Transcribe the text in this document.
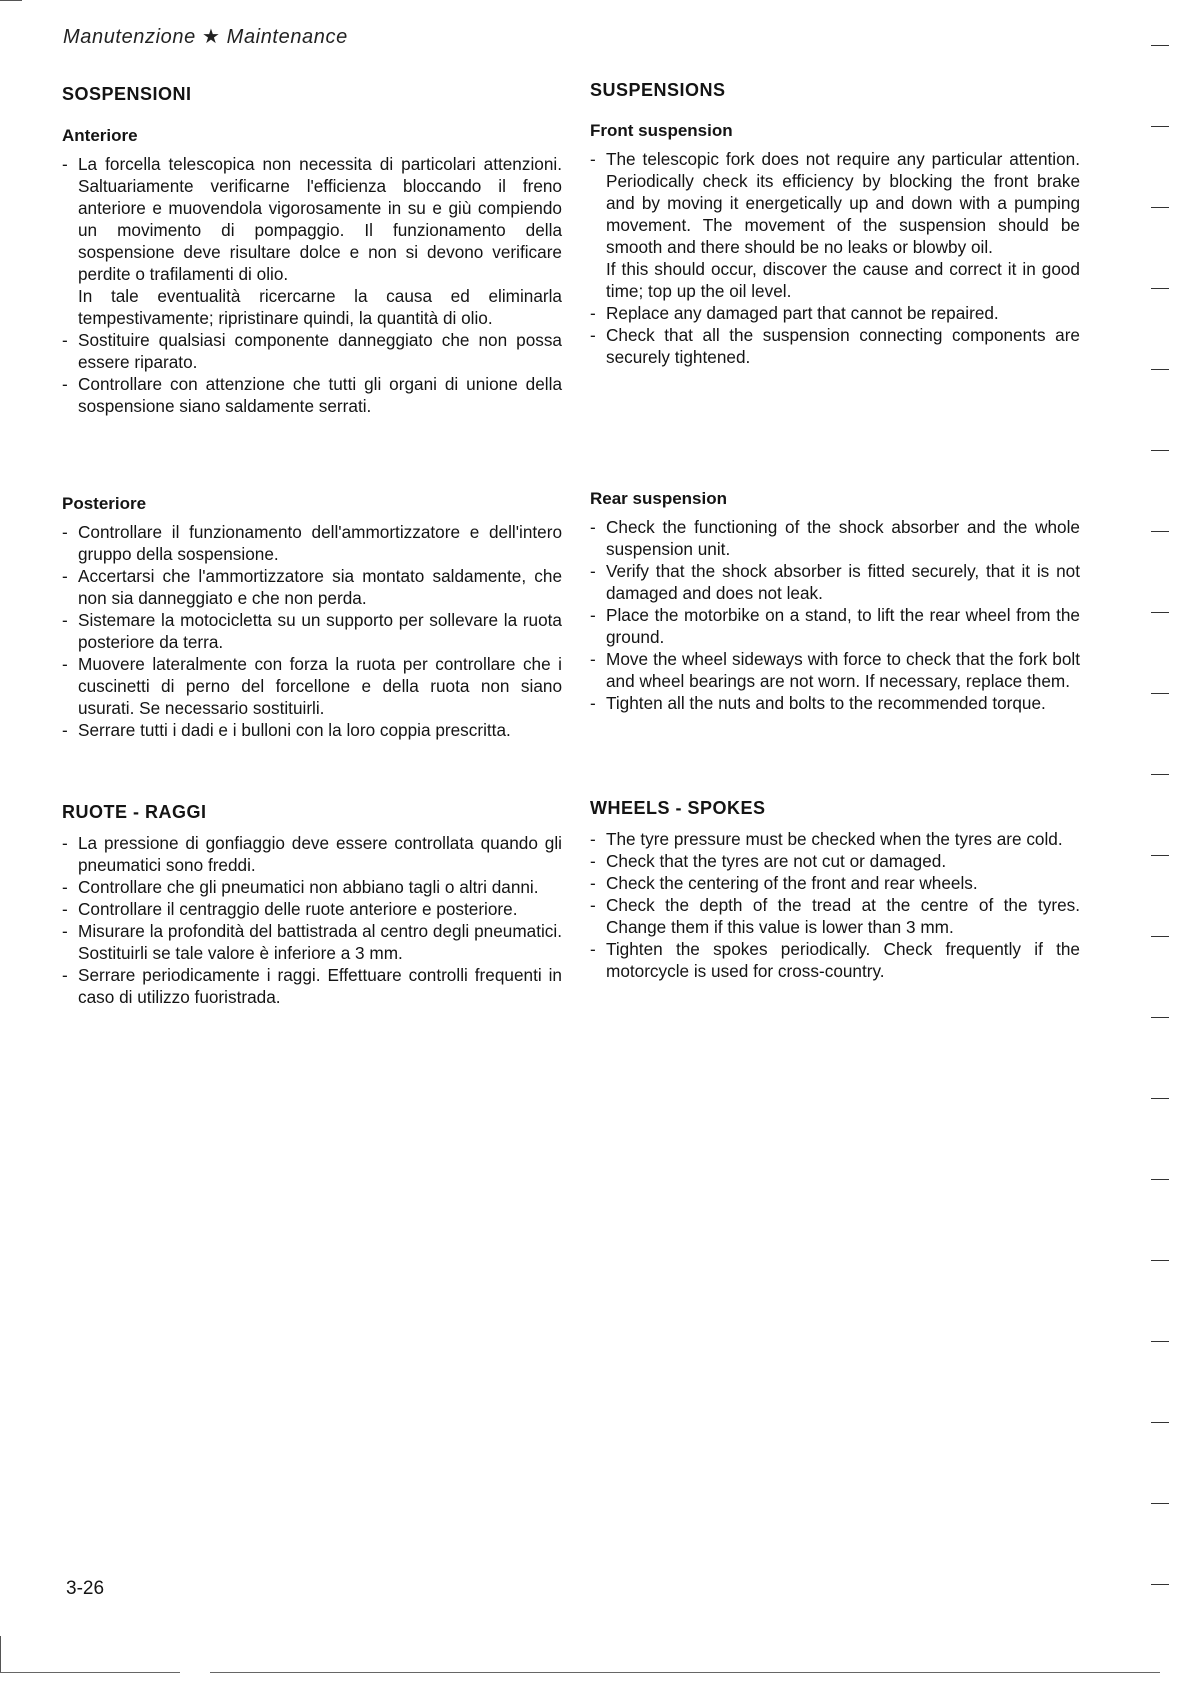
Manutenzione ★ Maintenance
SOSPENSIONI
Anteriore
- La forcella telescopica non necessita di particolari attenzioni. Saltuariamente verificarne l'efficienza bloccando il freno anteriore e muovendola vigorosamente in su e giù compiendo un movimento di pompaggio. Il funzionamento della sospensione deve risultare dolce e non si devono verificare perdite o trafilamenti di olio.
In tale eventualità ricercarne la causa ed eliminarla tempestivamente; ripristinare quindi, la quantità di olio.
- Sostituire qualsiasi componente danneggiato che non possa essere riparato.
- Controllare con attenzione che tutti gli organi di unione della sospensione siano saldamente serrati.
Posteriore
- Controllare il funzionamento dell'ammortizzatore e dell'intero gruppo della sospensione.
- Accertarsi che l'ammortizzatore sia montato saldamente, che non sia danneggiato e che non perda.
- Sistemare la motocicletta su un supporto per sollevare la ruota posteriore da terra.
- Muovere lateralmente con forza la ruota per controllare che i cuscinetti di perno del forcellone e della ruota non siano usurati. Se necessario sostituirli.
- Serrare tutti i dadi e i bulloni con la loro coppia prescritta.
RUOTE - RAGGI
- La pressione di gonfiaggio deve essere controllata quando gli pneumatici sono freddi.
- Controllare che gli pneumatici non abbiano tagli o altri danni.
- Controllare il centraggio delle ruote anteriore e posteriore.
- Misurare la profondità del battistrada al centro degli pneumatici. Sostituirli se tale valore è inferiore a 3 mm.
- Serrare periodicamente i raggi. Effettuare controlli frequenti in caso di utilizzo fuoristrada.
SUSPENSIONS
Front suspension
- The telescopic fork does not require any particular attention. Periodically check its efficiency by blocking the front brake and by moving it energetically up and down with a pumping movement. The movement of the suspension should be smooth and there should be no leaks or blowby oil.
If this should occur, discover the cause and correct it in good time; top up the oil level.
- Replace any damaged part that cannot be repaired.
- Check that all the suspension connecting components are securely tightened.
Rear suspension
- Check the functioning of the shock absorber and the whole suspension unit.
- Verify that the shock absorber is fitted securely, that it is not damaged and does not leak.
- Place the motorbike on a stand, to lift the rear wheel from the ground.
- Move the wheel sideways with force to check that the fork bolt and wheel bearings are not worn. If necessary, replace them.
- Tighten all the nuts and bolts to the recommended torque.
WHEELS - SPOKES
- The tyre pressure must be checked when the tyres are cold.
- Check that the tyres are not cut or damaged.
- Check the centering of the front and rear wheels.
- Check the depth of the tread at the centre of the tyres. Change them if this value is lower than 3 mm.
- Tighten the spokes periodically. Check frequently if the motorcycle is used for cross-country.
3-26
